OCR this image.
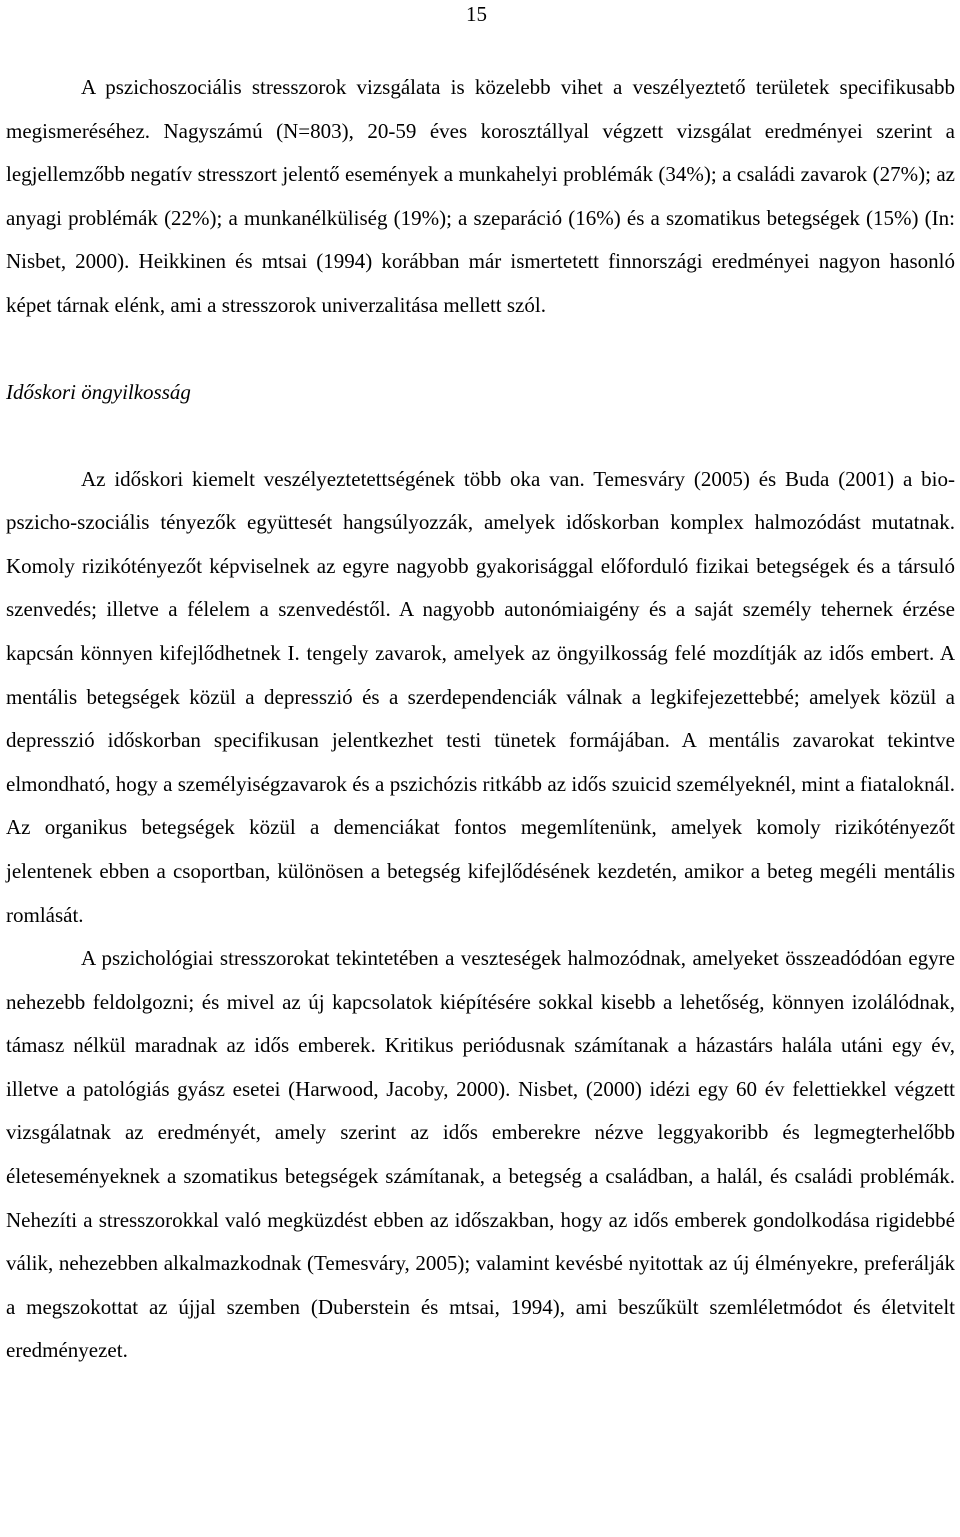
15

A pszichoszociális stresszorok vizsgálata is közelebb vihet a veszélyeztető területek specifikusabb megismeréséhez. Nagyszámú (N=803), 20-59 éves korosztállyal végzett vizsgálat eredményei szerint a legjellemzőbb negatív stresszort jelentő események a munkahelyi problémák (34%); a családi zavarok (27%); az anyagi problémák (22%); a munkanélküliség (19%); a szeparáció (16%) és a szomatikus betegségek (15%) (In: Nisbet, 2000). Heikkinen és mtsai (1994) korábban már ismertetett finnországi eredményei nagyon hasonló képet tárnak elénk, ami a stresszorok univerzalitása mellett szól.

Időskori öngyilkosság

Az időskori kiemelt veszélyeztetettségének több oka van. Temesváry (2005) és Buda (2001) a bio-pszicho-szociális tényezők együttesét hangsúlyozzák, amelyek időskorban komplex halmozódást mutatnak. Komoly rizikótényezőt képviselnek az egyre nagyobb gyakorisággal előforduló fizikai betegségek és a társuló szenvedés; illetve a félelem a szenvedéstől. A nagyobb autonómiaigény és a saját személy tehernek érzése kapcsán könnyen kifejlődhetnek I. tengely zavarok, amelyek az öngyilkosság felé mozdítják az idős embert. A mentális betegségek közül a depresszió és a szerdependenciák válnak a legkifejezettebbé; amelyek közül a depresszió időskorban specifikusan jelentkezhet testi tünetek formájában. A mentális zavarokat tekintve elmondható, hogy a személyiségzavarok és a pszichózis ritkább az idős szuicid személyeknél, mint a fiataloknál. Az organikus betegségek közül a demenciákat fontos megemlítenünk, amelyek komoly rizikótényezőt jelentenek ebben a csoportban, különösen a betegség kifejlődésének kezdetén, amikor a beteg megéli mentális romlását.

A pszichológiai stresszorokat tekintetében a veszteségek halmozódnak, amelyeket összeadódóan egyre nehezebb feldolgozni; és mivel az új kapcsolatok kiépítésére sokkal kisebb a lehetőség, könnyen izolálódnak, támasz nélkül maradnak az idős emberek. Kritikus periódusnak számítanak a házastárs halála utáni egy év, illetve a patológiás gyász esetei (Harwood, Jacoby, 2000). Nisbet, (2000) idézi egy 60 év felettiekkel végzett vizsgálatnak az eredményét, amely szerint az idős emberekre nézve leggyakoribb és legmegterhelőbb életeseményeknek a szomatikus betegségek számítanak, a betegség a családban, a halál, és családi problémák. Nehezíti a stresszorokkal való megküzdést ebben az időszakban, hogy az idős emberek gondolkodása rigidebbé válik, nehezebben alkalmazkodnak (Temesváry, 2005); valamint kevésbé nyitottak az új élményekre, preferálják a megszokottat az újjal szemben (Duberstein és mtsai, 1994), ami beszűkült szemléletmódot és életvitelt eredményezet.
